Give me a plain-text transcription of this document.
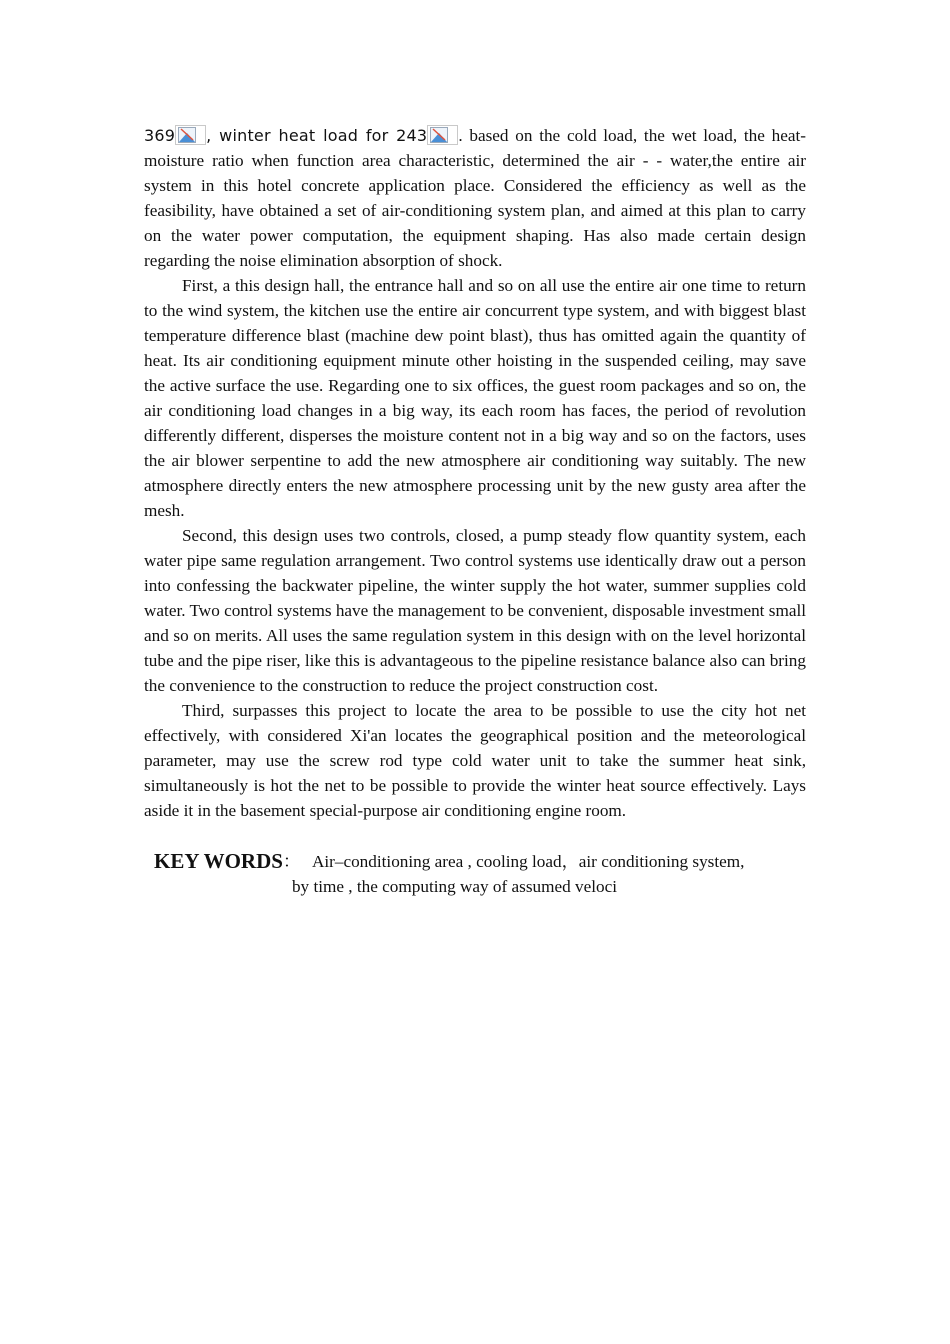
369 , winter heat load for 243 . based on the cold load, the wet load, the heat-moisture ratio when function area characteristic, determined the air - - water,the entire air system in this hotel concrete application place. Considered the efficiency as well as the feasibility, have obtained a set of air-conditioning system plan, and aimed at this plan to carry on the water power computation, the equipment shaping. Has also made certain design regarding the noise elimination absorption of shock.

First, a this design hall, the entrance hall and so on all use the entire air one time to return to the wind system, the kitchen use the entire air concurrent type system, and with biggest blast temperature difference blast (machine dew point blast), thus has omitted again the quantity of heat. Its air conditioning equipment minute other hoisting in the suspended ceiling, may save the active surface the use. Regarding one to six offices, the guest room packages and so on, the air conditioning load changes in a big way, its each room has faces, the period of revolution differently different, disperses the moisture content not in a big way and so on the factors, uses the air blower serpentine to add the new atmosphere air conditioning way suitably. The new atmosphere directly enters the new atmosphere processing unit by the new gusty area after the mesh.

Second, this design uses two controls, closed, a pump steady flow quantity system, each water pipe same regulation arrangement. Two control systems use identically draw out a person into confessing the backwater pipeline, the winter supply the hot water, summer supplies cold water. Two control systems have the management to be convenient, disposable investment small and so on merits. All uses the same regulation system in this design with on the level horizontal tube and the pipe riser, like this is advantageous to the pipeline resistance balance also can bring the convenience to the construction to reduce the project construction cost.

Third, surpasses this project to locate the area to be possible to use the city hot net effectively, with considered Xi'an locates the geographical position and the meteorological parameter, may use the screw rod type cold water unit to take the summer heat sink, simultaneously is hot the net to be possible to provide the winter heat source effectively. Lays aside it in the basement special-purpose air conditioning engine room.

KEY WORDS ： Air–conditioning area , cooling load，air conditioning system,
by time , the computing way of assumed veloci
